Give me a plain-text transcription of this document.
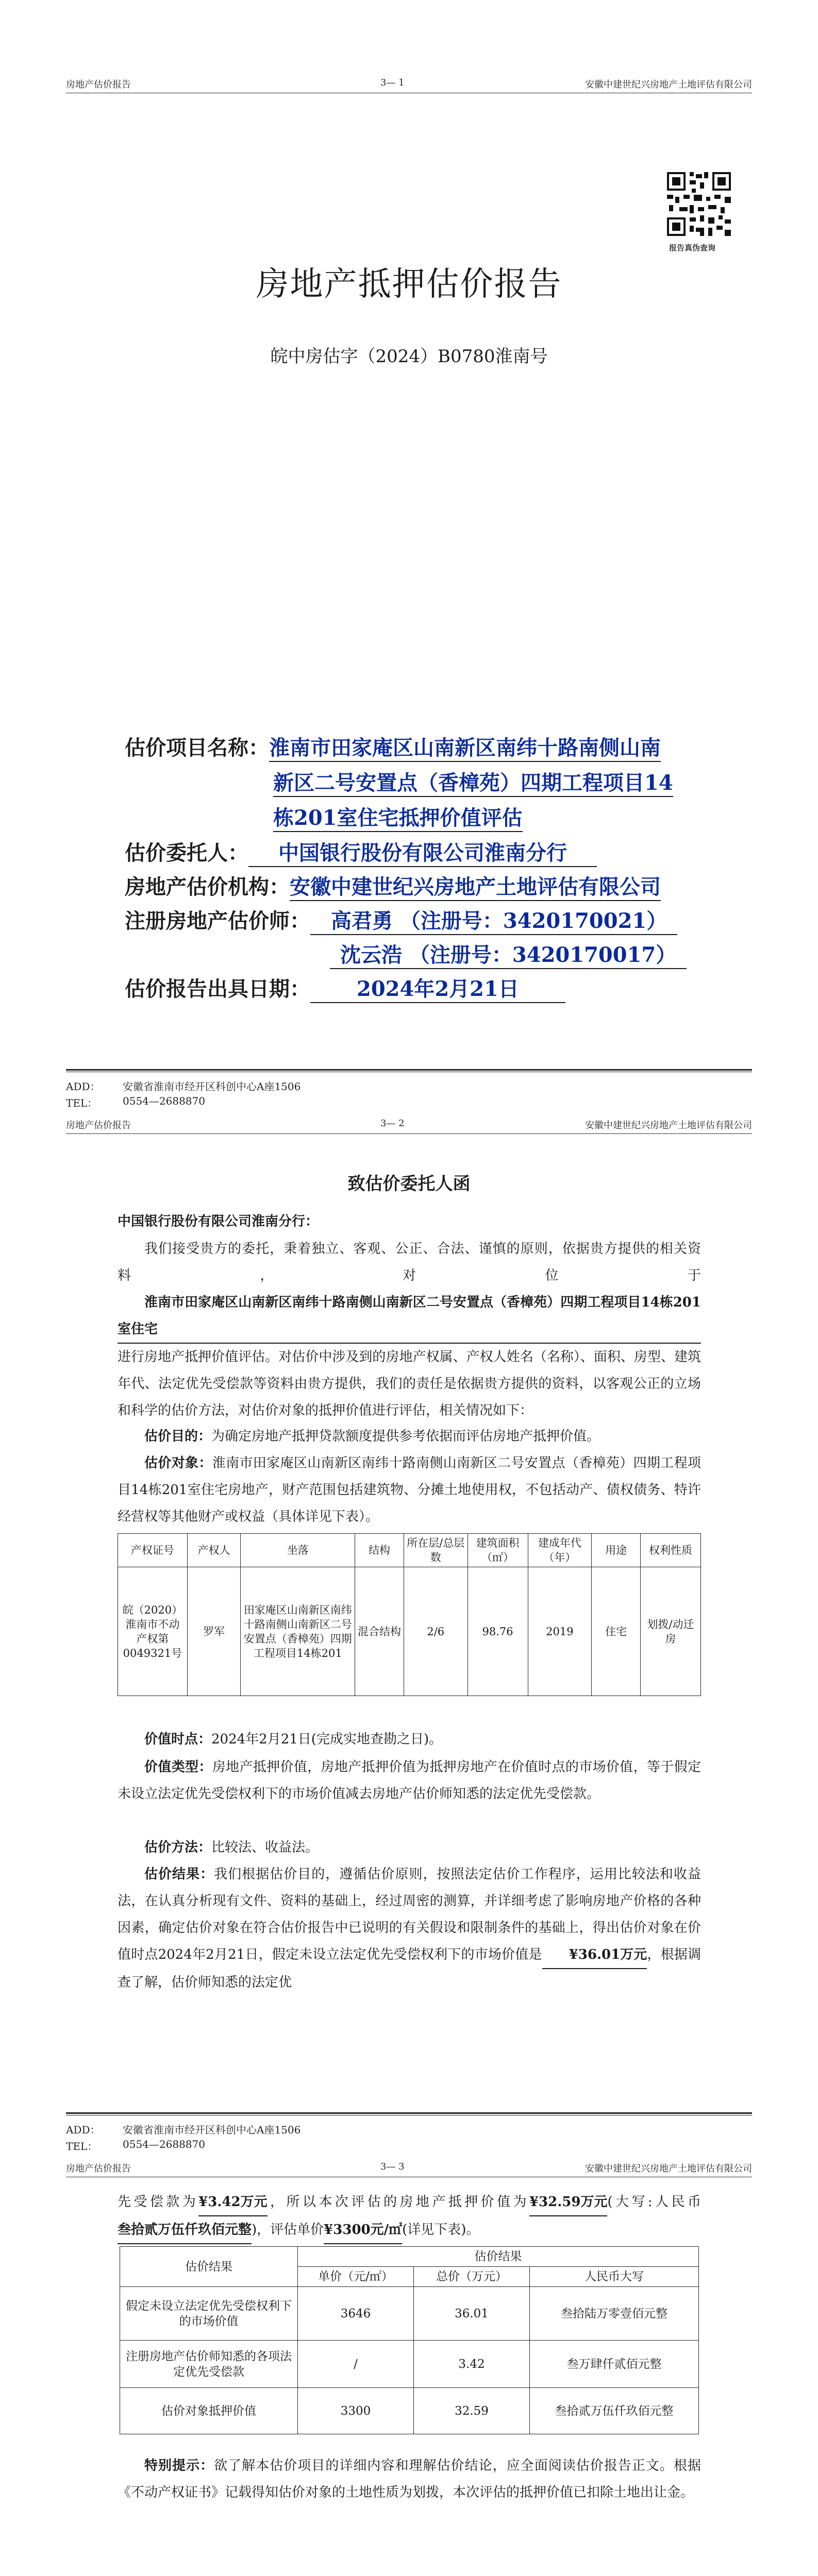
房地产估价报告	3— 1	安徽中建世纪兴房地产土地评估有限公司
报告真伪查询
房地产抵押估价报告
皖中房估字（2024）B0780淮南号
估价项目名称：淮南市田家庵区山南新区南纬十路南侧山南
新区二号安置点（香樟苑）四期工程项目14
栋201室住宅抵押价值评估
估价委托人： 中国银行股份有限公司淮南分行
房地产估价机构：安徽中建世纪兴房地产土地评估有限公司
注册房地产估价师： 高君勇 （注册号：3420170021）
沈云浩 （注册号：3420170017）
估价报告出具日期： 2024年2月21日
ADD： 安徽省淮南市经开区科创中心A座1506
TEL： 0554—2688870
房地产估价报告	3— 2	安徽中建世纪兴房地产土地评估有限公司
致估价委托人函
中国银行股份有限公司淮南分行：
我们接受贵方的委托，秉着独立、客观、公正、合法、谨慎的原则，依据贵方提供的相关资料，对位于淮南市田家庵区山南新区南纬十路南侧山南新区二号安置点（香樟苑）四期工程项目14栋201室住宅进行房地产抵押价值评估。对估价中涉及到的房地产权属、产权人姓名（名称）、面积、房型、建筑年代、法定优先受偿款等资料由贵方提供，我们的责任是依据贵方提供的资料，以客观公正的立场和科学的估价方法，对估价对象的抵押价值进行评估，相关情况如下：
估价目的：为确定房地产抵押贷款额度提供参考依据而评估房地产抵押价值。
估价对象：淮南市田家庵区山南新区南纬十路南侧山南新区二号安置点（香樟苑）四期工程项目14栋201室住宅房地产，财产范围包括建筑物、分摊土地使用权，不包括动产、债权债务、特许经营权等其他财产或权益（具体详见下表）。
产权证号	产权人	坐落	结构	所在层/总层数	建筑面积（㎡）	建成年代（年）	用途	权利性质
皖（2020）淮南市不动产权第0049321号	罗军	田家庵区山南新区南纬十路南侧山南新区二号安置点（香樟苑）四期工程项目14栋201	混合结构	2/6	98.76	2019	住宅	划拨/动迁房
价值时点：2024年2月21日(完成实地查勘之日)。
价值类型：房地产抵押价值，房地产抵押价值为抵押房地产在价值时点的市场价值，等于假定未设立法定优先受偿权利下的市场价值减去房地产估价师知悉的法定优先受偿款。
估价方法：比较法、收益法。
估价结果：我们根据估价目的，遵循估价原则，按照法定估价工作程序，运用比较法和收益法，在认真分析现有文件、资料的基础上，经过周密的测算，并详细考虑了影响房地产价格的各种因素，确定估价对象在符合估价报告中已说明的有关假设和限制条件的基础上，得出估价对象在价值时点2024年2月21日，假定未设立法定优先受偿权利下的市场价值是 ¥36.01万元，根据调查了解，估价师知悉的法定优
ADD： 安徽省淮南市经开区科创中心A座1506
TEL： 0554—2688870
房地产估价报告	3— 3	安徽中建世纪兴房地产土地评估有限公司
先受偿款为¥3.42万元，所以本次评估的房地产抵押价值为¥32.59万元(大写:人民币叁拾贰万伍仟玖佰元整)，评估单价¥3300元/㎡(详见下表)。
估价结果	估价结果		
	单价（元/㎡）	总价（万元）	人民币大写
假定未设立法定优先受偿权利下的市场价值	3646	36.01	叁拾陆万零壹佰元整
注册房地产估价师知悉的各项法定优先受偿款	/	3.42	叁万肆仟贰佰元整
估价对象抵押价值	3300	32.59	叁拾贰万伍仟玖佰元整
特别提示：欲了解本估价项目的详细内容和理解估价结论，应全面阅读估价报告正文。根据《不动产权证书》记载得知估价对象的土地性质为划拨，本次评估的抵押价值已扣除土地出让金。
